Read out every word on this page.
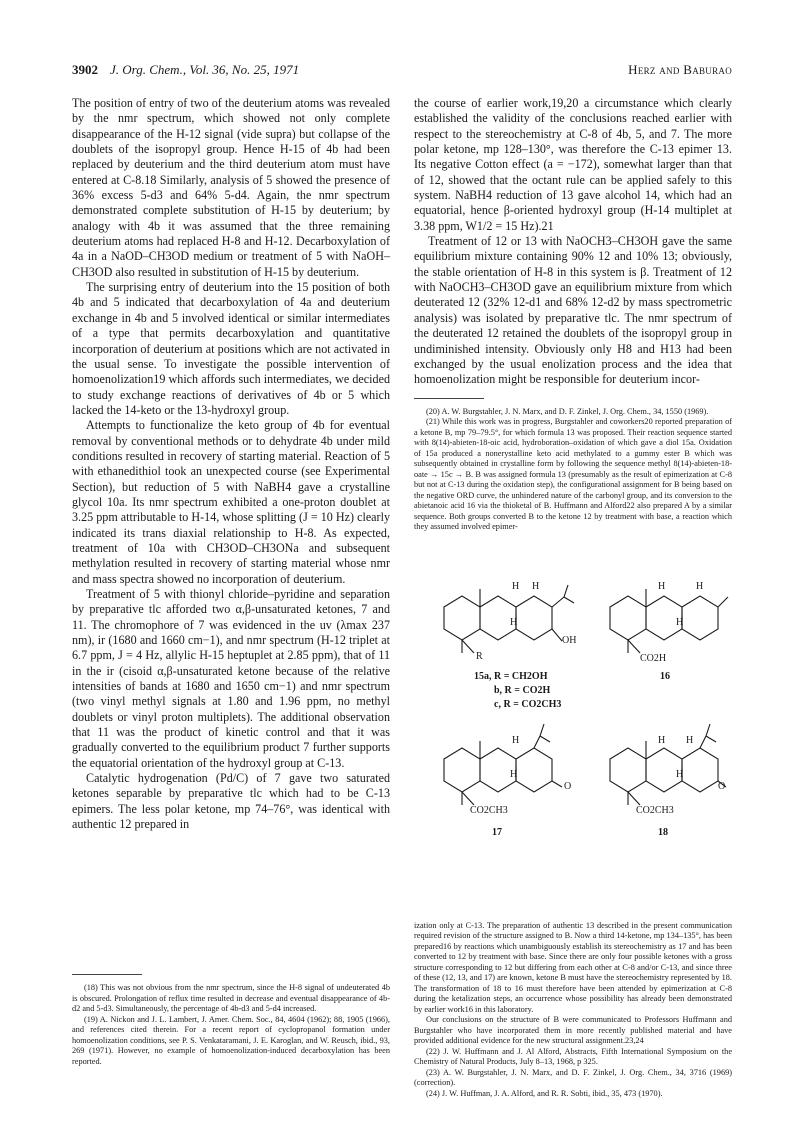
3902 J. Org. Chem., Vol. 36, No. 25, 1971	Herz and Baburao

The position of entry of two of the deuterium atoms was revealed by the nmr spectrum, which showed not only complete disappearance of the H-12 signal (vide supra) but collapse of the doublets of the isopropyl group. Hence H-15 of 4b had been replaced by deuterium and the third deuterium atom must have entered at C-8.18 Similarly, analysis of 5 showed the presence of 36% excess 5-d3 and 64% 5-d4. Again, the nmr spectrum demonstrated complete substitution of H-15 by deuterium; by analogy with 4b it was assumed that the three remaining deuterium atoms had replaced H-8 and H-12. Decarboxylation of 4a in a NaOD–CH3OD medium or treatment of 5 with NaOH–CH3OD also resulted in substitution of H-15 by deuterium.

The surprising entry of deuterium into the 15 position of both 4b and 5 indicated that decarboxylation of 4a and deuterium exchange in 4b and 5 involved identical or similar intermediates of a type that permits decarboxylation and quantitative incorporation of deuterium at positions which are not activated in the usual sense. To investigate the possible intervention of homoenolization19 which affords such intermediates, we decided to study exchange reactions of derivatives of 4b or 5 which lacked the 14-keto or the 13-hydroxyl group.

Attempts to functionalize the keto group of 4b for eventual removal by conventional methods or to dehydrate 4b under mild conditions resulted in recovery of starting material. Reaction of 5 with ethanedithiol took an unexpected course (see Experimental Section), but reduction of 5 with NaBH4 gave a crystalline glycol 10a. Its nmr spectrum exhibited a one-proton doublet at 3.25 ppm attributable to H-14, whose splitting (J = 10 Hz) clearly indicated its trans diaxial relationship to H-8. As expected, treatment of 10a with CH3OD–CH3ONa and subsequent methylation resulted in recovery of starting material whose nmr and mass spectra showed no incorporation of deuterium.

Treatment of 5 with thionyl chloride–pyridine and separation by preparative tlc afforded two α,β-unsaturated ketones, 7 and 11. The chromophore of 7 was evidenced in the uv (λmax 237 nm), ir (1680 and 1660 cm−1), and nmr spectrum (H-12 triplet at 6.7 ppm, J = 4 Hz, allylic H-15 heptuplet at 2.85 ppm), that of 11 in the ir (cisoid α,β-unsaturated ketone because of the relative intensities of bands at 1680 and 1650 cm−1) and nmr spectrum (two vinyl methyl signals at 1.80 and 1.96 ppm, no methyl doublets or vinyl proton multiplets). The additional observation that 11 was the product of kinetic control and that it was gradually converted to the equilibrium product 7 further supports the equatorial orientation of the hydroxyl group at C-13.

Catalytic hydrogenation (Pd/C) of 7 gave two saturated ketones separable by preparative tlc which had to be C-13 epimers. The less polar ketone, mp 74–76°, was identical with authentic 12 prepared in

(18) This was not obvious from the nmr spectrum, since the H-8 signal of undeuterated 4b is obscured. Prolongation of reflux time resulted in decrease and eventual disappearance of 4b-d2 and 5-d3. Simultaneously, the percentage of 4b-d3 and 5-d4 increased.

(19) A. Nickon and J. L. Lambert, J. Amer. Chem. Soc., 84, 4604 (1962); 88, 1905 (1966), and references cited therein. For a recent report of cyclopropanol formation under homoenolization conditions, see P. S. Venkataramani, J. E. Karoglan, and W. Reusch, ibid., 93, 269 (1971). However, no example of homoenolization-induced decarboxylation has been reported.

the course of earlier work,19,20 a circumstance which clearly established the validity of the conclusions reached earlier with respect to the stereochemistry at C-8 of 4b, 5, and 7. The more polar ketone, mp 128–130°, was therefore the C-13 epimer 13. Its negative Cotton effect (a = −172), somewhat larger than that of 12, showed that the octant rule can be applied safely to this system. NaBH4 reduction of 13 gave alcohol 14, which had an equatorial, hence β-oriented hydroxyl group (H-14 multiplet at 3.38 ppm, W1/2 = 15 Hz).21

Treatment of 12 or 13 with NaOCH3–CH3OH gave the same equilibrium mixture containing 90% 12 and 10% 13; obviously, the stable orientation of H-8 in this system is β. Treatment of 12 with NaOCH3–CH3OD gave an equilibrium mixture from which deuterated 12 (32% 12-d1 and 68% 12-d2 by mass spectrometric analysis) was isolated by preparative tlc. The nmr spectrum of the deuterated 12 retained the doublets of the isopropyl group in undiminished intensity. Obviously only H8 and H13 had been exchanged by the usual enolization process and the idea that homoenolization might be responsible for deuterium incor-

(20) A. W. Burgstahler, J. N. Marx, and D. F. Zinkel, J. Org. Chem., 34, 1550 (1969).

(21) While this work was in progress, Burgstahler and coworkers20 reported preparation of a ketone B, mp 79–79.5°, for which formula 13 was proposed. Their reaction sequence started with 8(14)-abieten-18-oic acid, hydroboration–oxidation of which gave a diol 15a. Oxidation of 15a produced a nonerystalline keto acid methylated to a gummy ester B which was subsequently obtained in crystalline form by following the sequence methyl 8(14)-abieten-18-oate → 15c → B. B was assigned formula 13 (presumably as the result of epimerization at C-8 but not at C-13 during the oxidation step), the configurational assignment for B being based on the negative ORD curve, the unhindered nature of the carbonyl group, and its conversion to the abietanoic acid 16 via the thioketal of B. Huffmann and Alford22 also prepared A by a similar sequence. Both groups converted B to the ketone 12 by treatment with base, a reaction which they assumed involved epimer-

H H
H
OH
R
15a, R = CH2OH
b, R = CO2H
c, R = CO2CH3
H	H
H
CO2H
16
H
H
O
CO2CH3
17
H H
H
O
CO2CH3
18

ization only at C-13. The preparation of authentic 13 described in the present communication required revision of the structure assigned to B. Now a third 14-ketone, mp 134–135°, has been prepared16 by reactions which unambiguously establish its stereochemistry as 17 and has been converted to 12 by treatment with base. Since there are only four possible ketones with a gross structure corresponding to 12 but differing from each other at C-8 and/or C-13, and since three of these (12, 13, and 17) are known, ketone B must have the stereochemistry represented by 18. The transformation of 18 to 16 must therefore have been attended by epimerization at C-8 during the ketalization steps, an occurrence whose possibility has already been demonstrated by earlier work16 in this laboratory.

Our conclusions on the structure of B were communicated to Professors Huffmann and Burgstahler who have incorporated them in more recently published material and have provided additional evidence for the new structural assignment.23,24

(22) J. W. Huffmann and J. Al Alford, Abstracts, Fifth International Symposium on the Chemistry of Natural Products, July 8–13, 1968, p 325.

(23) A. W. Burgstahler, J. N. Marx, and D. F. Zinkel, J. Org. Chem., 34, 3716 (1969) (correction).

(24) J. W. Huffman, J. A. Alford, and R. R. Sobti, ibid., 35, 473 (1970).
